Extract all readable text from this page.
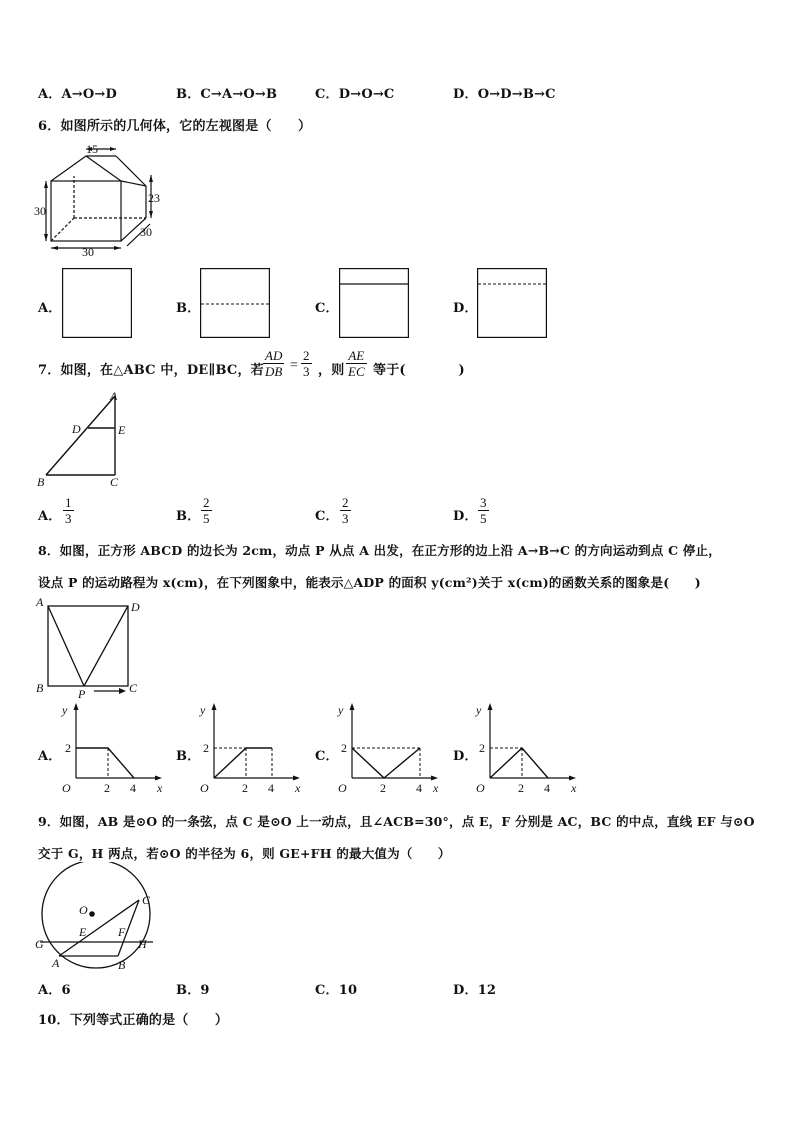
A．A→O→D	B．C→A→O→B	C．D→O→C	D．O→D→B→C
6．如图所示的几何体，它的左视图是（　　）
15
30
23
30
30
A．	B．	C．	D．
7．如图，在△ABC 中，DE∥BC，若 $\frac{AD}{DB} = \frac{2}{3}$ ，则 $\frac{AE}{EC}$ 等于(　　　　)
A
D	E
B	C
A． $\frac{1}{3}$	B． $\frac{2}{5}$	C． $\frac{2}{3}$	D． $\frac{3}{5}$
8．如图，正方形 ABCD 的边长为 2cm，动点 P 从点 A 出发，在正方形的边上沿 A→B→C 的方向运动到点 C 停止，
设点 P 的运动路程为 x(cm)，在下列图象中，能表示△ADP 的面积 y(cm²)关于 x(cm)的函数关系的图象是(　　)
A	D
B	C
P
A．
y
2
O	2 4 x
B．
y
2
O	2 4 x
C．
y
2
O	2	4 x
D．
y
2
O	2 4 x
9．如图，AB 是⊙O 的一条弦，点 C 是⊙O 上一动点，且∠ACB=30°，点 E，F 分别是 AC，BC 的中点，直线 EF 与⊙O
交于 G，H 两点，若⊙O 的半径为 6，则 GE+FH 的最大值为（　　）
O
C
E	F
G	H
A	B
A．6	B．9	C．10	D．12
10．下列等式正确的是（　　）
